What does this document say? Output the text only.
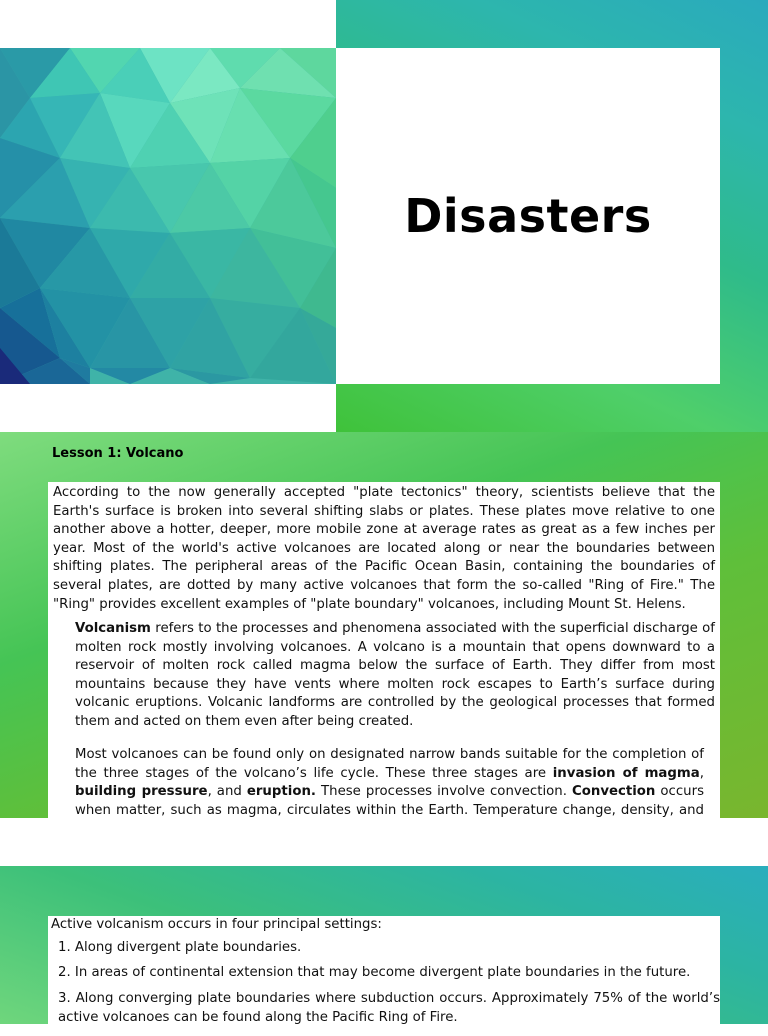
Disasters
Lesson 1: Volcano

According to the now generally accepted "plate tectonics" theory, scientists believe that the Earth's surface is broken into several shifting slabs or plates. These plates move relative to one another above a hotter, deeper, more mobile zone at average rates as great as a few inches per year. Most of the world's active volcanoes are located along or near the boundaries between shifting plates. The peripheral areas of the Pacific Ocean Basin, containing the boundaries of several plates, are dotted by many active volcanoes that form the so-called "Ring of Fire." The "Ring" provides excellent examples of "plate boundary" volcanoes, including Mount St. Helens.

Volcanism refers to the processes and phenomena associated with the superficial discharge of molten rock mostly involving volcanoes. A volcano is a mountain that opens downward to a reservoir of molten rock called magma below the surface of Earth. They differ from most mountains because they have vents where molten rock escapes to Earth’s surface during volcanic eruptions. Volcanic landforms are controlled by the geological processes that formed them and acted on them even after being created.

Most volcanoes can be found only on designated narrow bands suitable for the completion of the three stages of the volcano’s life cycle. These three stages are invasion of magma, building pressure, and eruption. These processes involve convection. Convection occurs when matter, such as magma, circulates within the Earth. Temperature change, density, and

Active volcanism occurs in four principal settings:
1. Along divergent plate boundaries.
2. In areas of continental extension that may become divergent plate boundaries in the future.
3. Along converging plate boundaries where subduction occurs. Approximately 75% of the world’s active volcanoes can be found along the Pacific Ring of Fire.
